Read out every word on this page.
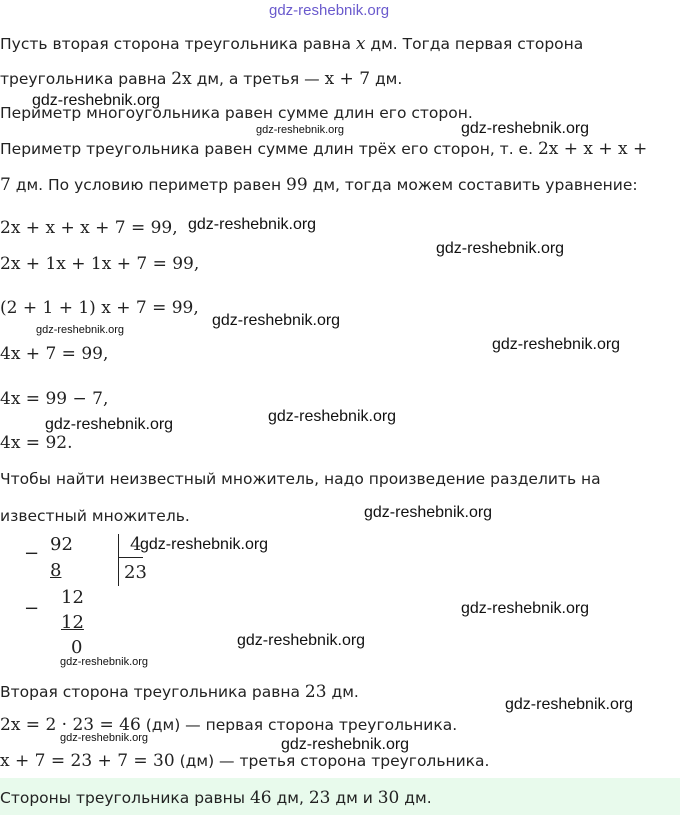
gdz-reshebnik.org
Пусть вторая сторона треугольника равна x дм. Тогда первая сторона
треугольника равна 2x дм, а третья — x + 7 дм.
Периметр многоугольника равен сумме длин его сторон.
Периметр треугольника равен сумме длин трёх его сторон, т. е. 2x + x + x +
7 дм. По условию периметр равен 99 дм, тогда можем составить уравнение:
2x + x + x + 7 = 99,
2x + 1x + 1x + 7 = 99,
(2 + 1 + 1) x + 7 = 99,
4x + 7 = 99,
4x = 99 − 7,
4x = 92.
Чтобы найти неизвестный множитель, надо произведение разделить на
известный множитель.
− 92
8
4
23
−
12
12
0
Вторая сторона треугольника равна 23 дм.
2x = 2 · 23 = 46 (дм) — первая сторона треугольника.
x + 7 = 23 + 7 = 30 (дм) — третья сторона треугольника.
Стороны треугольника равны 46 дм, 23 дм и 30 дм.
gdz-reshebnik.org
gdz-reshebnik.org	gdz-reshebnik.org
gdz-reshebnik.org
gdz-reshebnik.org
gdz-reshebnik.org
gdz-reshebnik.org
gdz-reshebnik.org
gdz-reshebnik.org
gdz-reshebnik.org
gdz-reshebnik.org
gdz-reshebnik.org
gdz-reshebnik.org
gdz-reshebnik.org
gdz-reshebnik.org
gdz-reshebnik.org
gdz-reshebnik.org	gdz-reshebnik.org
